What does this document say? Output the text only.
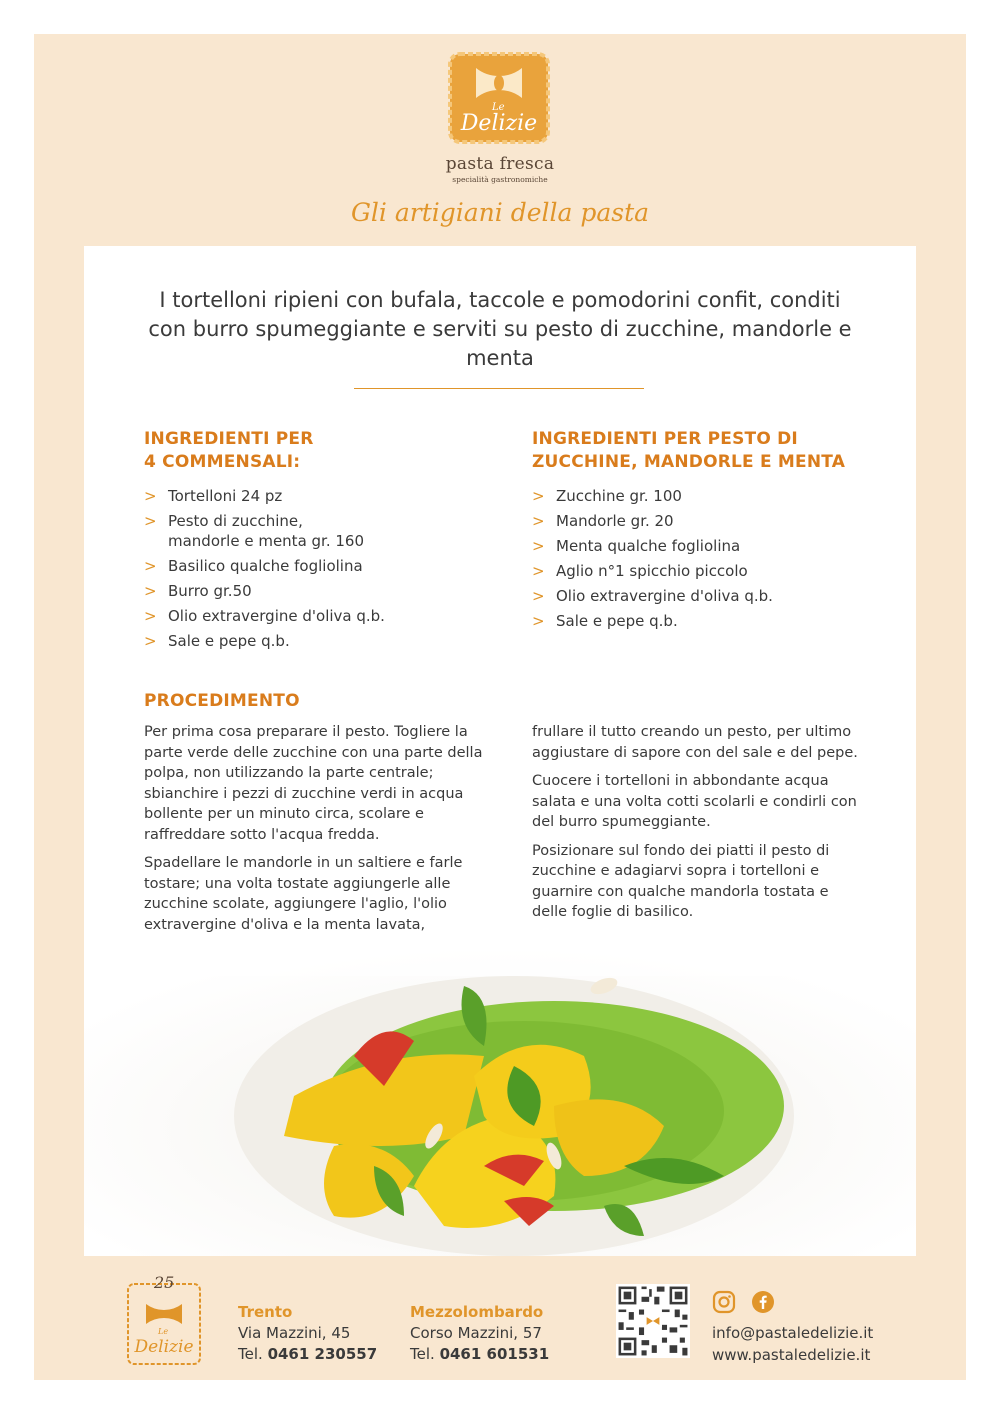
Le
Delizie
pasta fresca
specialità gastronomiche
Gli artigiani della pasta
I tortelloni ripieni con bufala, taccole e pomodorini confit, conditi con burro spumeggiante e serviti su pesto di zucchine, mandorle e menta
INGREDIENTI PER
4 COMMENSALI:
INGREDIENTI PER PESTO DI
ZUCCHINE, MANDORLE E MENTA
> Tortelloni 24 pz
> Pesto di zucchine,
mandorle e menta gr. 160
> Basilico qualche fogliolina
> Burro gr.50
> Olio extravergine d'oliva q.b.
> Sale e pepe q.b.
> Zucchine gr. 100
> Mandorle gr. 20
> Menta qualche fogliolina
> Aglio n°1 spicchio piccolo
> Olio extravergine d'oliva q.b.
> Sale e pepe q.b.
PROCEDIMENTO

Per prima cosa preparare il pesto. Togliere la parte verde delle zucchine con una parte della polpa, non utilizzando la parte centrale; sbianchire i pezzi di zucchine verdi in acqua bollente per un minuto circa, scolare e raffreddare sotto l'acqua fredda.

Spadellare le mandorle in un saltiere e farle tostare; una volta tostate aggiungerle alle zucchine scolate, aggiungere l'aglio, l'olio extravergine d'oliva e la menta lavata,

frullare il tutto creando un pesto, per ultimo aggiustare di sapore con del sale e del pepe.

Cuocere i tortelloni in abbondante acqua salata e una volta cotti scolarli e condirli con del burro spumeggiante.

Posizionare sul fondo dei piatti il pesto di zucchine e adagiarvi sopra i tortelloni e guarnire con qualche mandorla tostata e delle foglie di basilico.

25
Le
Delizie
Trento
Via Mazzini, 45
Tel. 0461 230557
Mezzolombardo
Corso Mazzini, 57
Tel. 0461 601531

info@pastaledelizie.it
www.pastaledelizie.it
